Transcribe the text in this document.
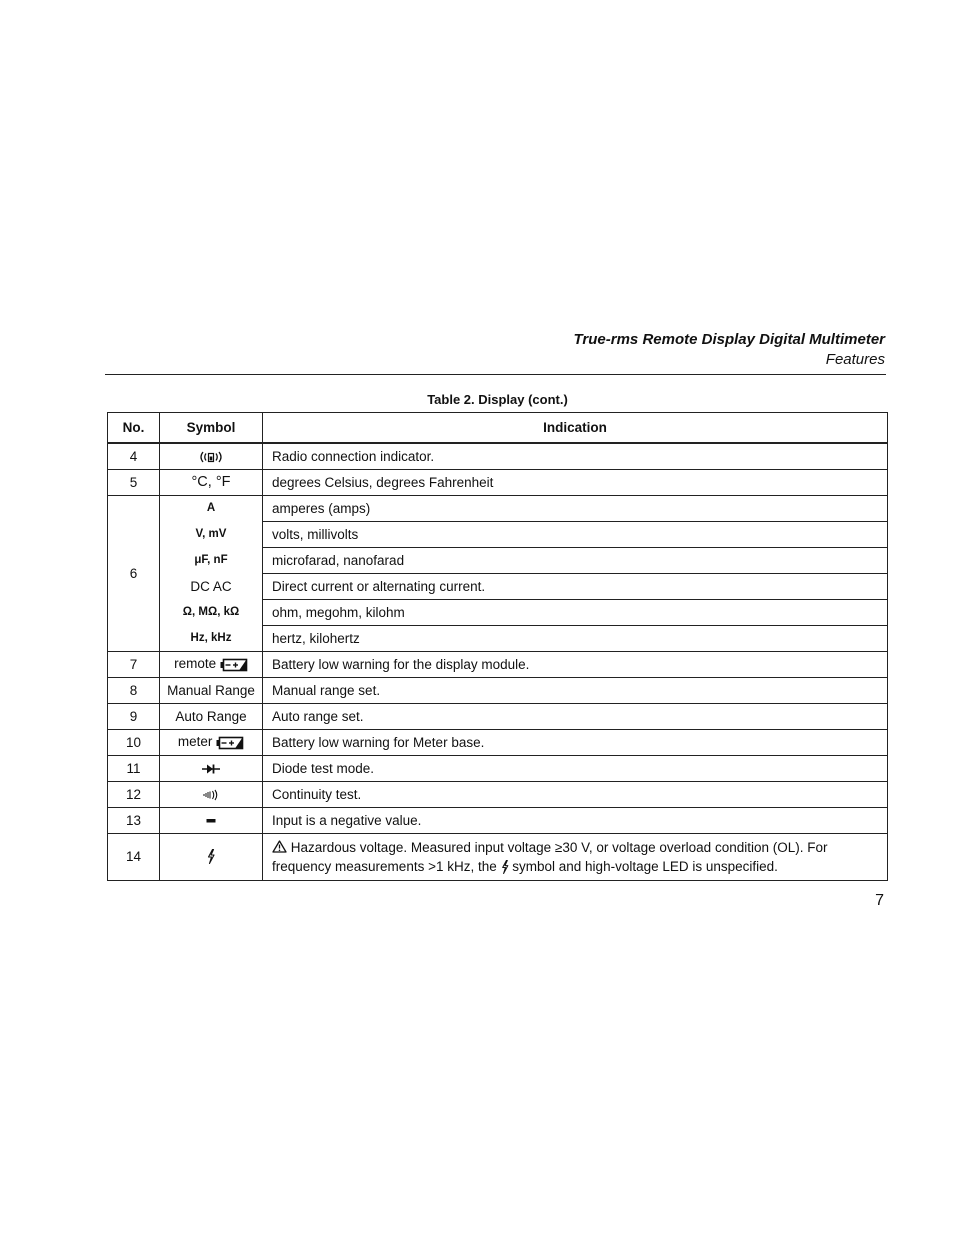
True-rms Remote Display Digital Multimeter
Features
Table 2. Display (cont.)
No.	Symbol	Indication
4		Radio connection indicator.
5	°C, °F	degrees Celsius, degrees Fahrenheit
6	A	amperes (amps)
	V, mV	volts, millivolts
	μF, nF	microfarad, nanofarad
	DC AC	Direct current or alternating current.
	Ω, MΩ, kΩ	ohm, megohm, kilohm
	Hz, kHz	hertz, kilohertz
7	remote	Battery low warning for the display module.
8	Manual Range	Manual range set.
9	Auto Range	Auto range set.
10	meter	Battery low warning for Meter base.
11		Diode test mode.
12		Continuity test.
13		Input is a negative value.
14		Hazardous voltage. Measured input voltage ≥30 V, or voltage overload condition (OL). For
frequency measurements >1 kHz, the symbol and high-voltage LED is unspecified.
7
